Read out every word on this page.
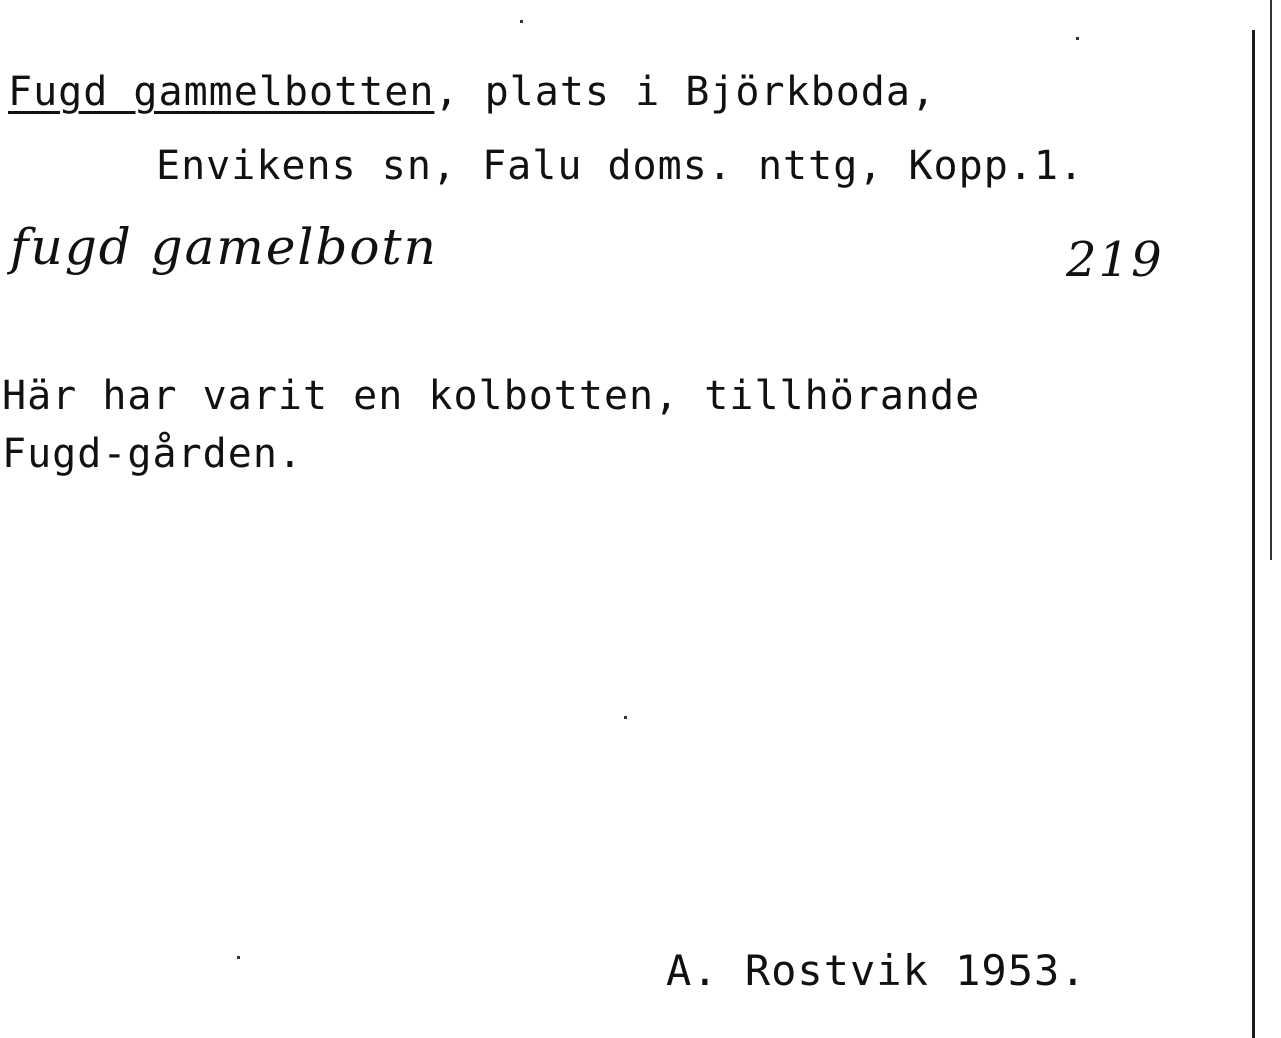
Fugd gammelbotten, plats i Björkboda,
Envikens sn, Falu doms. nttg, Kopp.1.
fugd gamelbotn	219
Här har varit en kolbotten, tillhörande
Fugd-gården.
A. Rostvik 1953.
